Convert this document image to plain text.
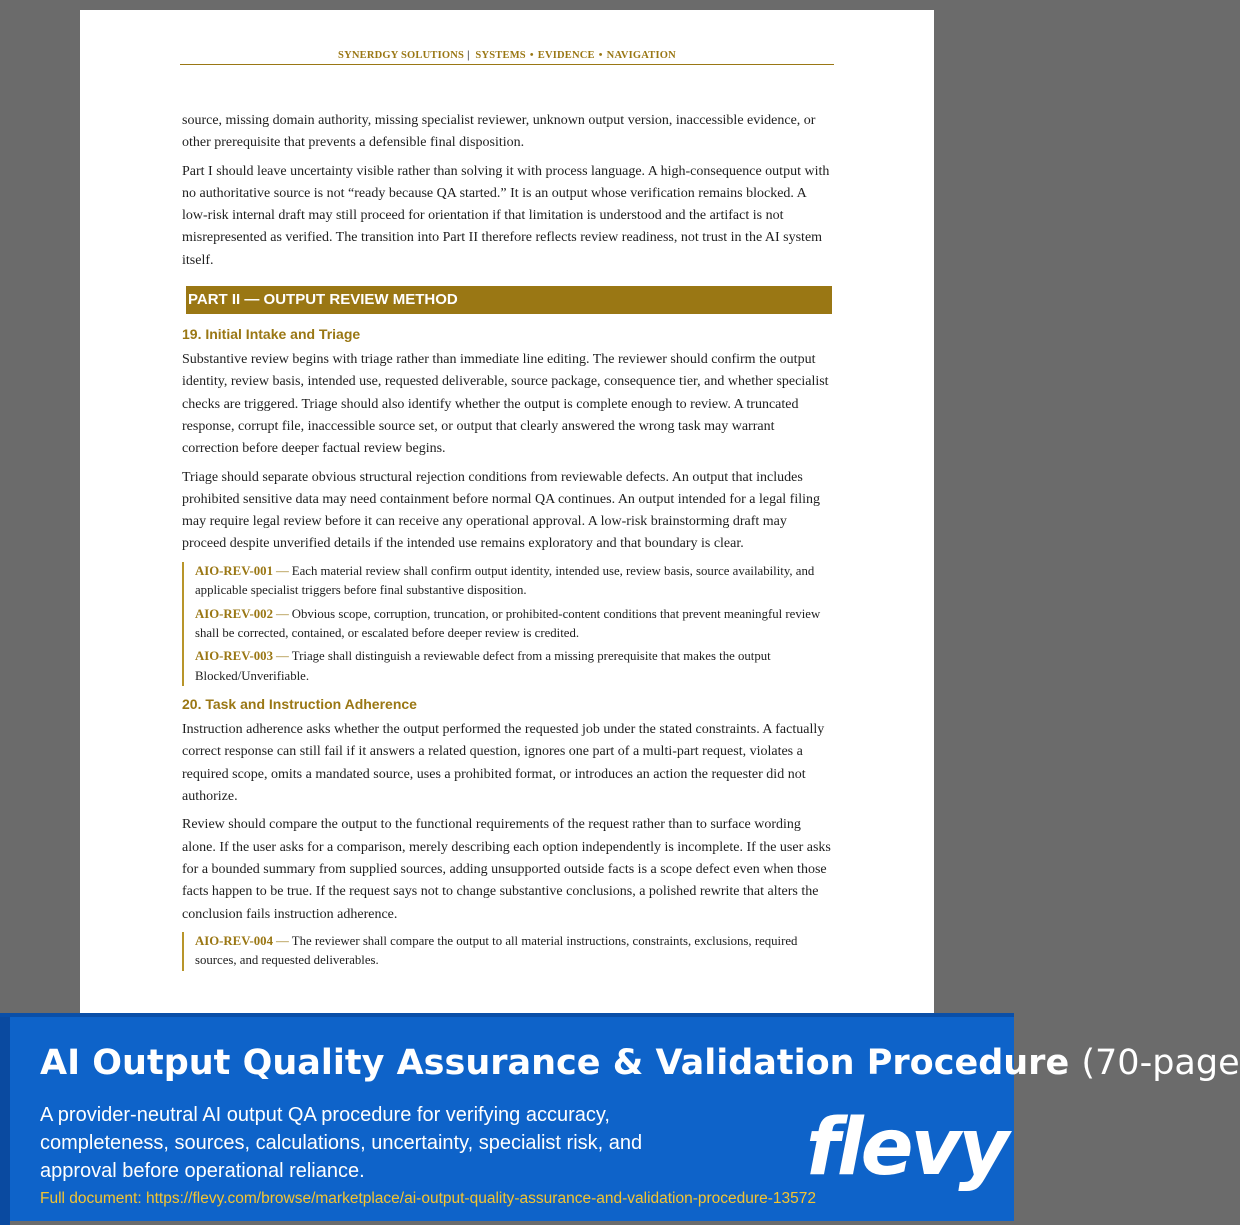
SYNERDGY SOLUTIONS | SYSTEMS • EVIDENCE • NAVIGATION

source, missing domain authority, missing specialist reviewer, unknown output version, inaccessible evidence, or other prerequisite that prevents a defensible final disposition.

Part I should leave uncertainty visible rather than solving it with process language. A high-consequence output with no authoritative source is not “ready because QA started.” It is an output whose verification remains blocked. A low-risk internal draft may still proceed for orientation if that limitation is understood and the artifact is not misrepresented as verified. The transition into Part II therefore reflects review readiness, not trust in the AI system itself.

PART II — OUTPUT REVIEW METHOD
19. Initial Intake and Triage

Substantive review begins with triage rather than immediate line editing. The reviewer should confirm the output identity, review basis, intended use, requested deliverable, source package, consequence tier, and whether specialist checks are triggered. Triage should also identify whether the output is complete enough to review. A truncated response, corrupt file, inaccessible source set, or output that clearly answered the wrong task may warrant correction before deeper factual review begins.

Triage should separate obvious structural rejection conditions from reviewable defects. An output that includes prohibited sensitive data may need containment before normal QA continues. An output intended for a legal filing may require legal review before it can receive any operational approval. A low-risk brainstorming draft may proceed despite unverified details if the intended use remains exploratory and that boundary is clear.

AIO-REV-001 — Each material review shall confirm output identity, intended use, review basis, source availability, and applicable specialist triggers before final substantive disposition.
AIO-REV-002 — Obvious scope, corruption, truncation, or prohibited-content conditions that prevent meaningful review shall be corrected, contained, or escalated before deeper review is credited.
AIO-REV-003 — Triage shall distinguish a reviewable defect from a missing prerequisite that makes the output Blocked/Unverifiable.
20. Task and Instruction Adherence

Instruction adherence asks whether the output performed the requested job under the stated constraints. A factually correct response can still fail if it answers a related question, ignores one part of a multi-part request, violates a required scope, omits a mandated source, uses a prohibited format, or introduces an action the requester did not authorize.

Review should compare the output to the functional requirements of the request rather than to surface wording alone. If the user asks for a comparison, merely describing each option independently is incomplete. If the user asks for a bounded summary from supplied sources, adding unsupported outside facts is a scope defect even when those facts happen to be true. If the request says not to change substantive conclusions, a polished rewrite that alters the conclusion fails instruction adherence.

AIO-REV-004 — The reviewer shall compare the output to all material instructions, constraints, exclusions, required sources, and requested deliverables.
AI Output Quality Assurance & Validation Procedure (70-page
A provider-neutral AI output QA procedure for verifying accuracy, completeness, sources, calculations, uncertainty, specialist risk, and approval before operational reliance.
Full document: https://flevy.com/browse/marketplace/ai-output-quality-assurance-and-validation-procedure-13572
flevy
